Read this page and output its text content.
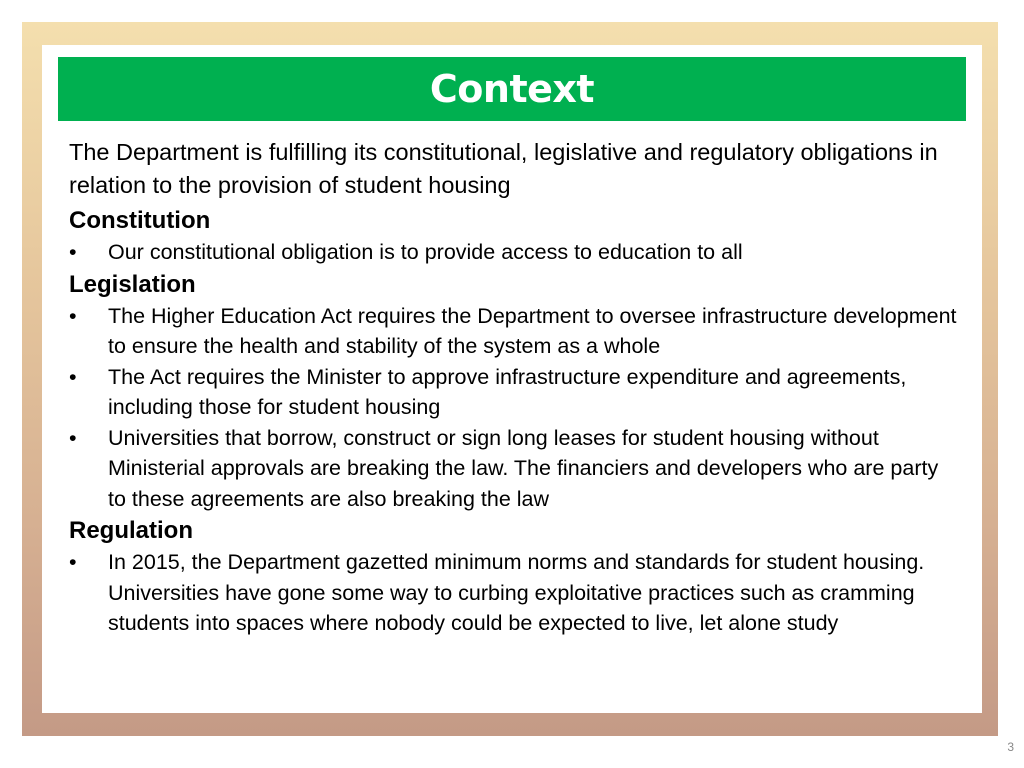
Context

The Department is fulfilling its constitutional, legislative and regulatory obligations in relation to the provision of student housing

Constitution
•	Our constitutional obligation is to provide access to education to all
Legislation
•	The Higher Education Act requires the Department to oversee infrastructure development to ensure the health and stability of the system as a whole
•	The Act requires the Minister to approve infrastructure expenditure and agreements, including those for student housing
•	Universities that borrow, construct or sign long leases for student housing without Ministerial approvals are breaking the law. The financiers and developers who are party to these agreements are also breaking the law
Regulation
•	In 2015, the Department gazetted minimum norms and standards for student housing. Universities have gone some way to curbing exploitative practices such as cramming students into spaces where nobody could be expected to live, let alone study
3
